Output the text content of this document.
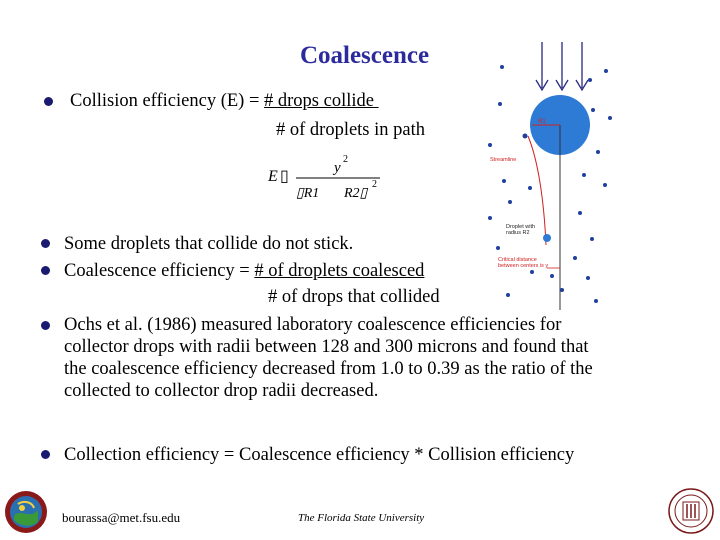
Coalescence
Collision efficiency (E) = # drops collide
# of droplets in path
E ▯	y
2
▯R1 R2▯
2
Some droplets that collide do not stick.
Coalescence efficiency = # of droplets coalesced
# of drops that collided
Ochs et al. (1986) measured laboratory coalescence efficiencies for
collector drops with radii between 128 and 300 microns and found that
the coalescence efficiency decreased from 1.0 to 0.39 as the ratio of the
collected to collector drop radii decreased.
Collection efficiency = Coalescence efficiency * Collision efficiency
R1
Streamline
Droplet with
radius R2
Critical distance
between centers is y
bourassa@met.fsu.edu	The Florida State University
